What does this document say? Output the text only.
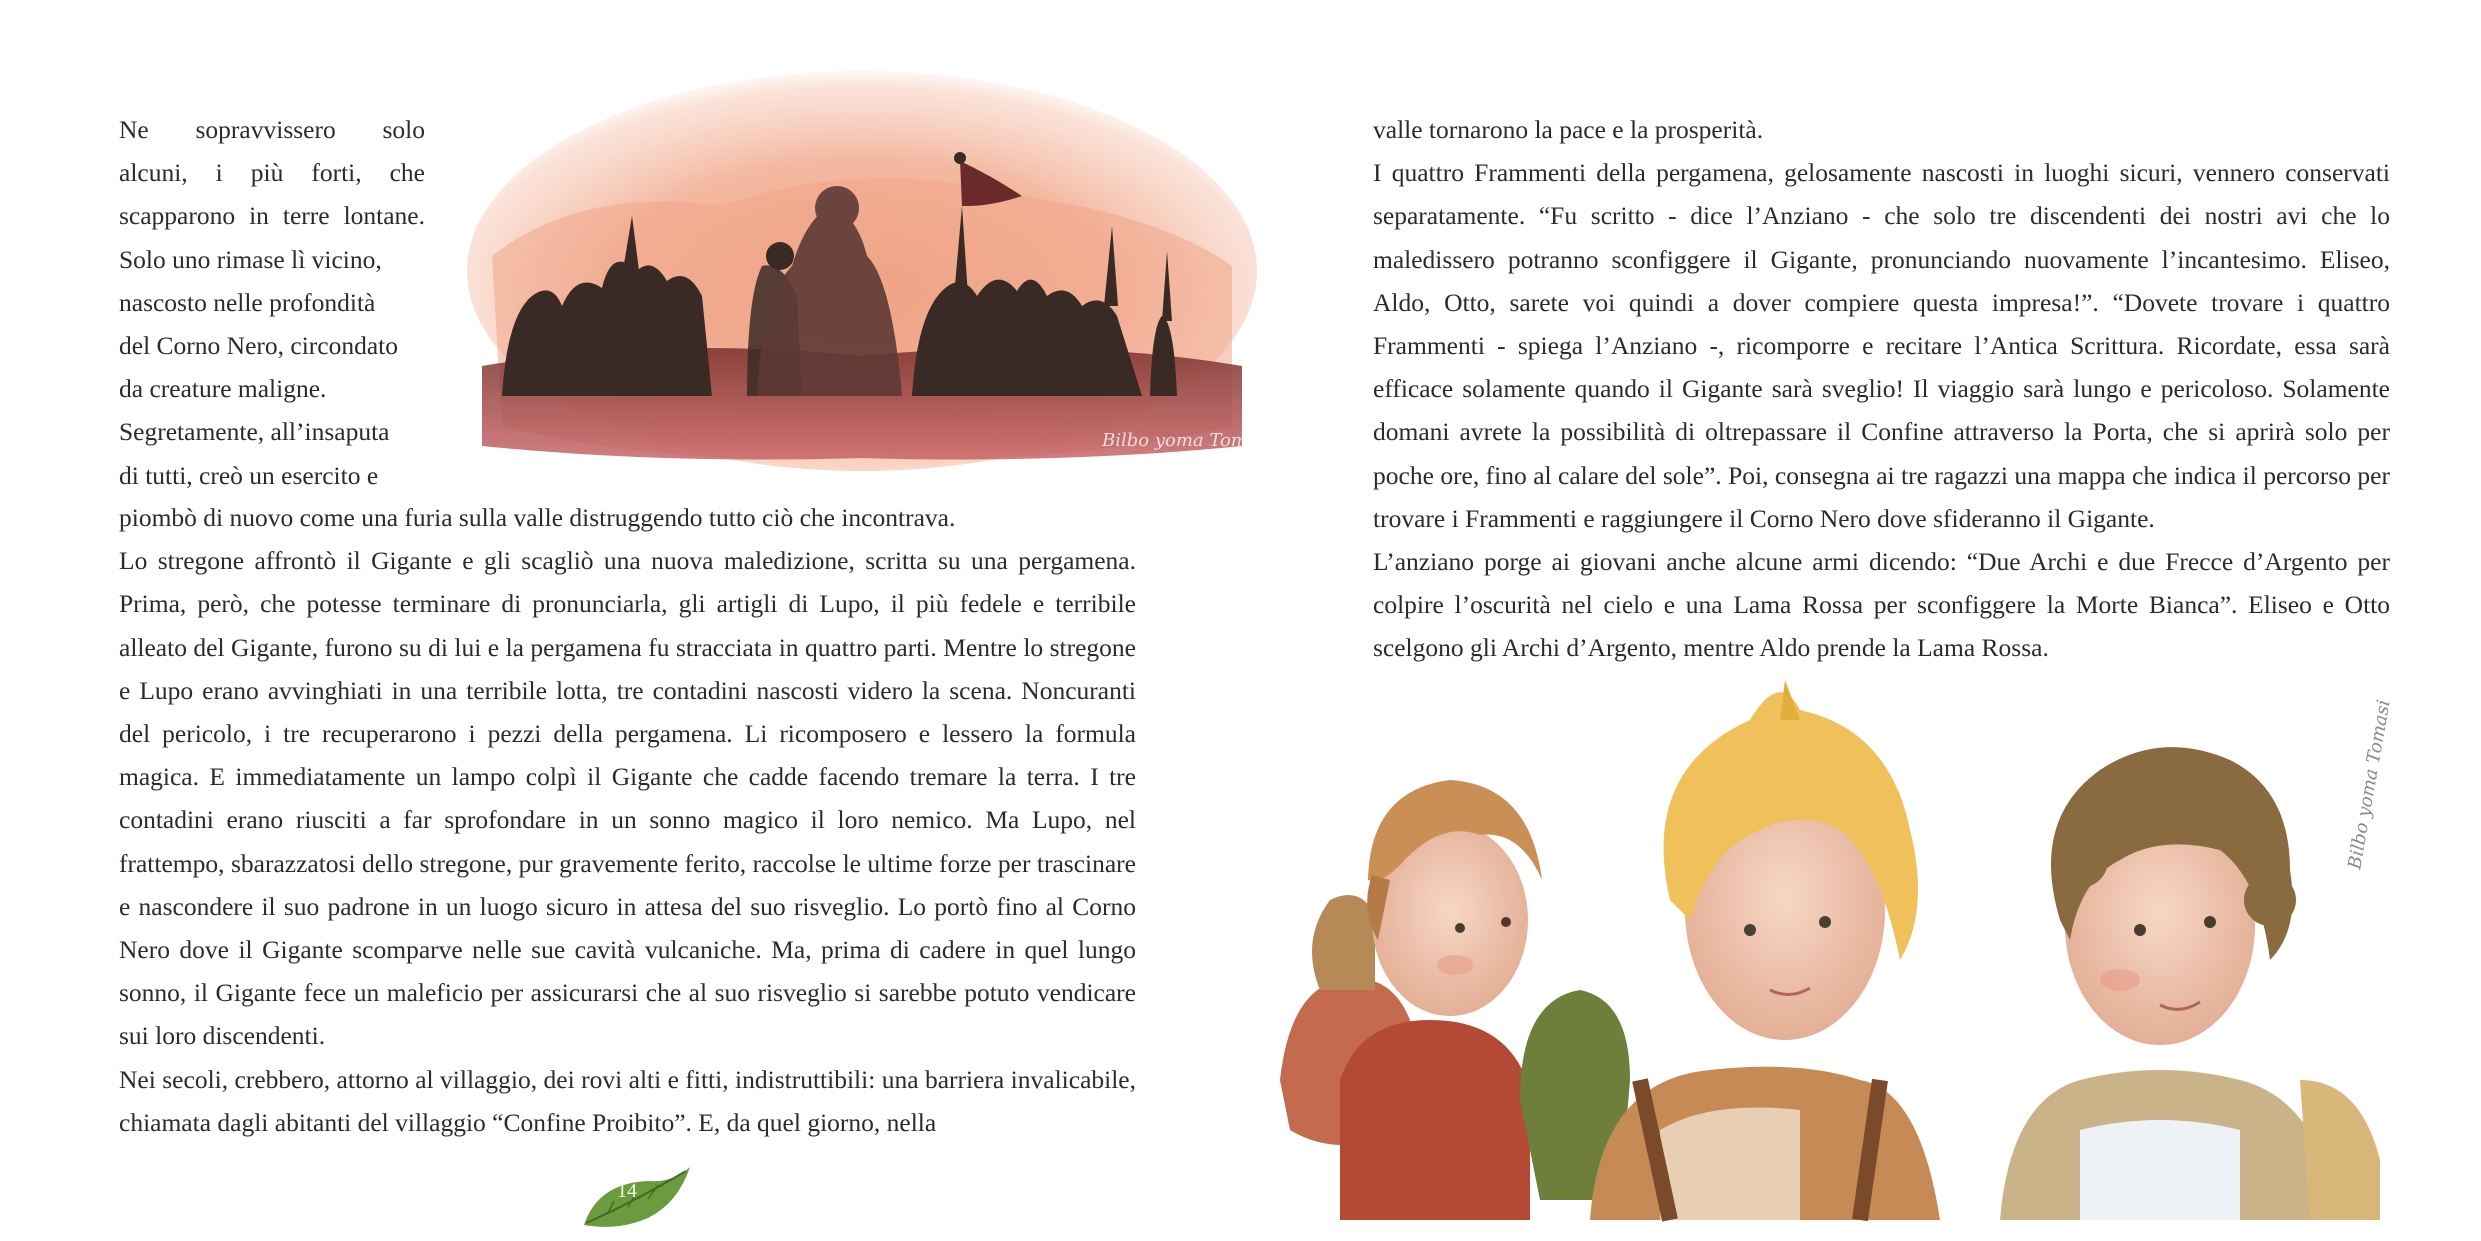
Ne sopravvissero solo
alcuni, i più forti, che
scapparono in terre lontane.
Solo uno rimase lì vicino,
nascosto nelle profondità
del Corno Nero, circondato
da creature maligne.
Segretamente, all’insaputa
di tutti, creò un esercito e
Bilbo yoma Tomasi

piombò di nuovo come una furia sulla valle distruggendo tutto ciò che incontrava.

Lo stregone affrontò il Gigante e gli scagliò una nuova maledizione, scritta su una pergamena. Prima, però, che potesse terminare di pronunciarla, gli artigli di Lupo, il più fedele e terribile alleato del Gigante, furono su di lui e la pergamena fu stracciata in quattro parti. Mentre lo stregone e Lupo erano avvinghiati in una terribile lotta, tre contadini nascosti videro la scena. Noncuranti del pericolo, i tre recuperarono i pezzi della pergamena. Li ricomposero e lessero la formula magica. E immediatamente un lampo colpì il Gigante che cadde facendo tremare la terra. I tre contadini erano riusciti a far sprofondare in un sonno magico il loro nemico. Ma Lupo, nel frattempo, sbarazzatosi dello stregone, pur gravemente ferito, raccolse le ultime forze per trascinare e nascondere il suo padrone in un luogo sicuro in attesa del suo risveglio. Lo portò fino al Corno Nero dove il Gigante scomparve nelle sue cavità vulcaniche. Ma, prima di cadere in quel lungo sonno, il Gigante fece un maleficio per assicurarsi che al suo risveglio si sarebbe potuto vendicare sui loro discendenti.

Nei secoli, crebbero, attorno al villaggio, dei rovi alti e fitti, indistruttibili: una barriera invalicabile, chiamata dagli abitanti del villaggio “Confine Proibito”. E, da quel giorno, nella

14

valle tornarono la pace e la prosperità.

I quattro Frammenti della pergamena, gelosamente nascosti in luoghi sicuri, vennero conservati separatamente. “Fu scritto - dice l’Anziano - che solo tre discendenti dei nostri avi che lo maledissero potranno sconfiggere il Gigante, pronunciando nuovamente l’incantesimo. Eliseo, Aldo, Otto, sarete voi quindi a dover compiere questa impresa!”. “Dovete trovare i quattro Frammenti - spiega l’Anziano -, ricomporre e recitare l’Antica Scrittura. Ricordate, essa sarà efficace solamente quando il Gigante sarà sveglio! Il viaggio sarà lungo e pericoloso. Solamente domani avrete la possibilità di oltrepassare il Confine attraverso la Porta, che si aprirà solo per poche ore, fino al calare del sole”. Poi, consegna ai tre ragazzi una mappa che indica il percorso per trovare i Frammenti e raggiungere il Corno Nero dove sfideranno il Gigante.

L’anziano porge ai giovani anche alcune armi dicendo: “Due Archi e due Frecce d’Argento per colpire l’oscurità nel cielo e una Lama Rossa per sconfiggere la Morte Bianca”. Eliseo e Otto scelgono gli Archi d’Argento, mentre Aldo prende la Lama Rossa.

Bilbo yoma Tomasi
